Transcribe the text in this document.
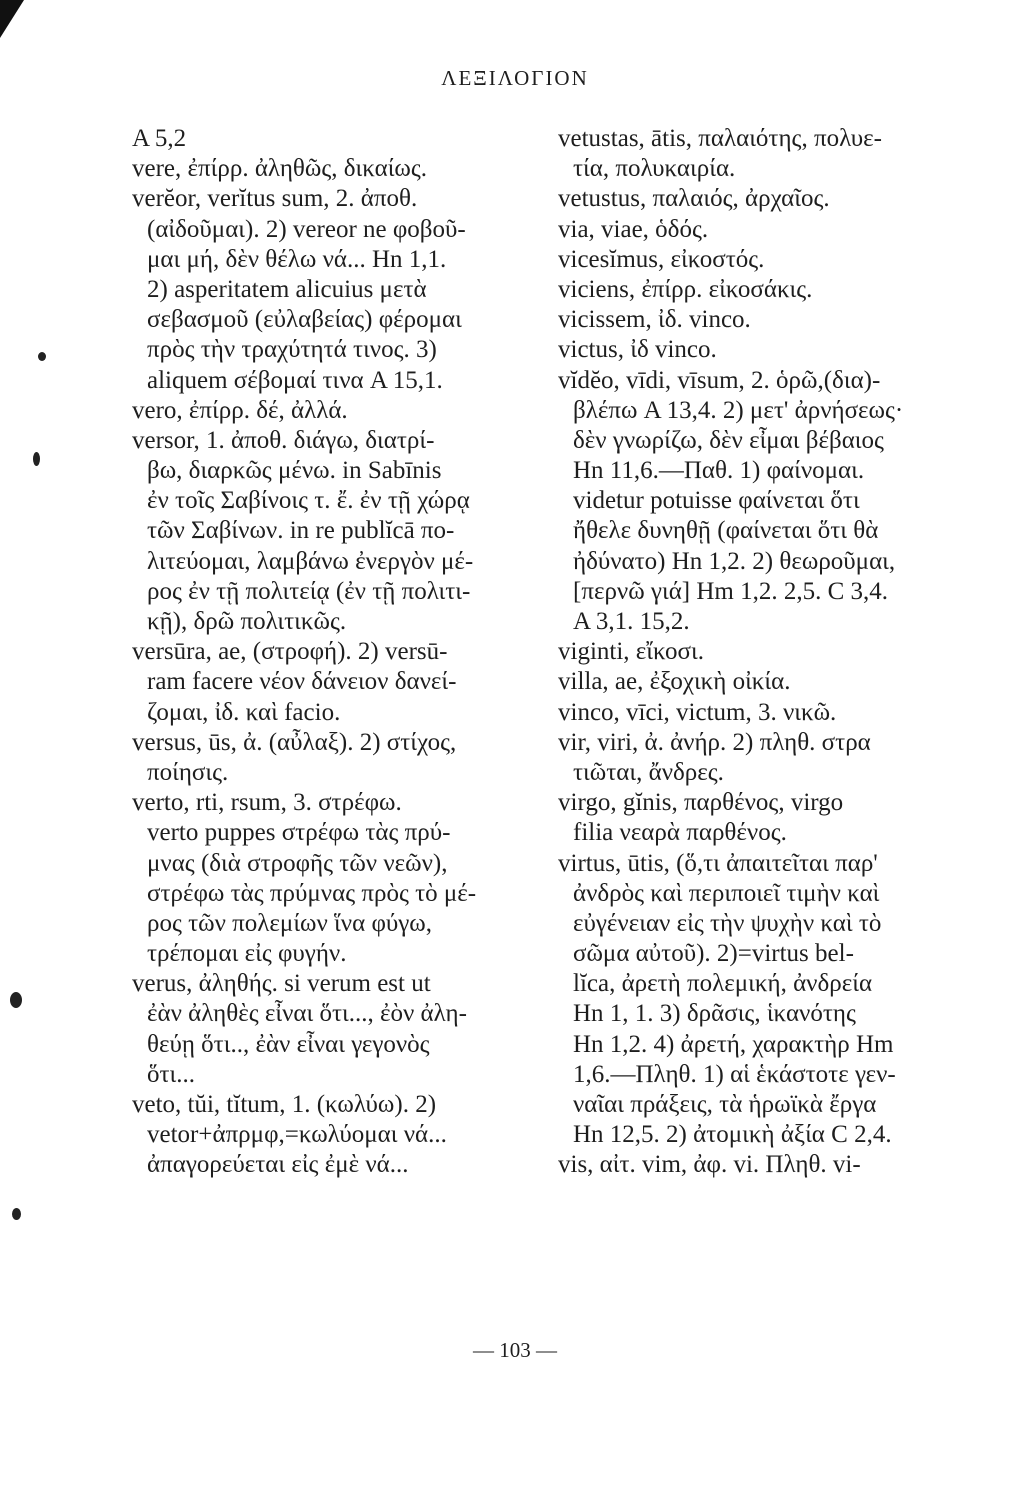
ΛΕΞΙΛΟΓΙΟΝ
A 5,2
vere, ἐπίρρ. ἀληθῶς, δικαίως.
verĕor, verĭtus sum, 2. ἀποθ.
(αἰδοῦμαι). 2) vereor ne φοβοῦ-
μαι μή, δὲν θέλω νά... Hn 1,1.
2) asperitatem alicuius μετὰ
σεβασμοῦ (εὐλαβείας) φέρομαι
πρὸς τὴν τραχύτητά τινος. 3)
aliquem σέβομαί τινα A 15,1.
vero, ἐπίρρ. δέ, ἀλλά.
versor, 1. ἀποθ. διάγω, διατρί-
βω, διαρκῶς μένω. in Sabīnis
ἐν τοῖς Σαβίνοις τ. ἔ. ἐν τῇ χώρᾳ
τῶν Σαβίνων. in re publĭcā πο-
λιτεύομαι, λαμβάνω ἐνεργὸν μέ-
ρος ἐν τῇ πολιτείᾳ (ἐν τῇ πολιτι-
κῇ), δρῶ πολιτικῶς.
versūra, ae, (στροφή). 2) versū-
ram facere νέον δάνειον δανεί-
ζομαι, ἰδ. καὶ facio.
versus, ūs, ἀ. (αὖλαξ). 2) στίχος,
ποίησις.
verto, rti, rsum, 3. στρέφω.
verto puppes στρέφω τὰς πρύ-
μνας (διὰ στροφῆς τῶν νεῶν),
στρέφω τὰς πρύμνας πρὸς τὸ μέ-
ρος τῶν πολεμίων ἵνα φύγω,
τρέπομαι εἰς φυγήν.
verus, ἀληθής. si verum est ut
ἐὰν ἀληθὲς εἶναι ὅτι..., ἐὸν ἀλη-
θεύῃ ὅτι.., ἐὰν εἶναι γεγονὸς
ὅτι...
veto, tŭi, tĭtum, 1. (κωλύω). 2)
vetor+ἀπρμφ,=κωλύομαι νά...
ἀπαγορεύεται εἰς ἐμὲ νά...
vetustas, ātis, παλαιότης, πολυε-
τία, πολυκαιρία.
vetustus, παλαιός, ἀρχαῖος.
via, viae, ὁδός.
vicesĭmus, εἰκοστός.
viciens, ἐπίρρ. εἰκοσάκις.
vicissem, ἰδ. vinco.
victus, ἰδ vinco.
vĭdĕo, vīdi, vīsum, 2. ὁρῶ,(δια)-
βλέπω A 13,4. 2) μετ' ἀρνήσεως·
δὲν γνωρίζω, δὲν εἶμαι βέβαιος
Hn 11,6.—Παθ. 1) φαίνομαι.
videtur potuisse φαίνεται ὅτι
ἤθελε δυνηθῇ (φαίνεται ὅτι θὰ
ἠδύνατο) Hn 1,2. 2) θεωροῦμαι,
[περνῶ γιά] Hm 1,2. 2,5. C 3,4.
A 3,1. 15,2.
viginti, εἴκοσι.
villa, ae, ἐξοχικὴ οἰκία.
vinco, vīci, victum, 3. νικῶ.
vir, viri, ἀ. ἀνήρ. 2) πληθ. στρα
τιῶται, ἄνδρες.
virgo, gĭnis, παρθένος, virgo
filia νεαρὰ παρθένος.
virtus, ūtis, (ὅ,τι ἀπαιτεῖται παρ'
ἀνδρὸς καὶ περιποιεῖ τιμὴν καὶ
εὐγένειαν εἰς τὴν ψυχὴν καὶ τὸ
σῶμα αὐτοῦ). 2)=virtus bel-
lĭca, ἀρετὴ πολεμική, ἀνδρεία
Hn 1, 1. 3) δρᾶσις, ἱκανότης
Hn 1,2. 4) ἀρετή, χαρακτὴρ Hm
1,6.—Πληθ. 1) αἱ ἑκάστοτε γεν-
ναῖαι πράξεις, τὰ ἡρωϊκὰ ἔργα
Hn 12,5. 2) ἀτομικὴ ἀξία C 2,4.
vis, αἰτ. vim, ἀφ. vi. Πληθ. vi-
— 103 —
